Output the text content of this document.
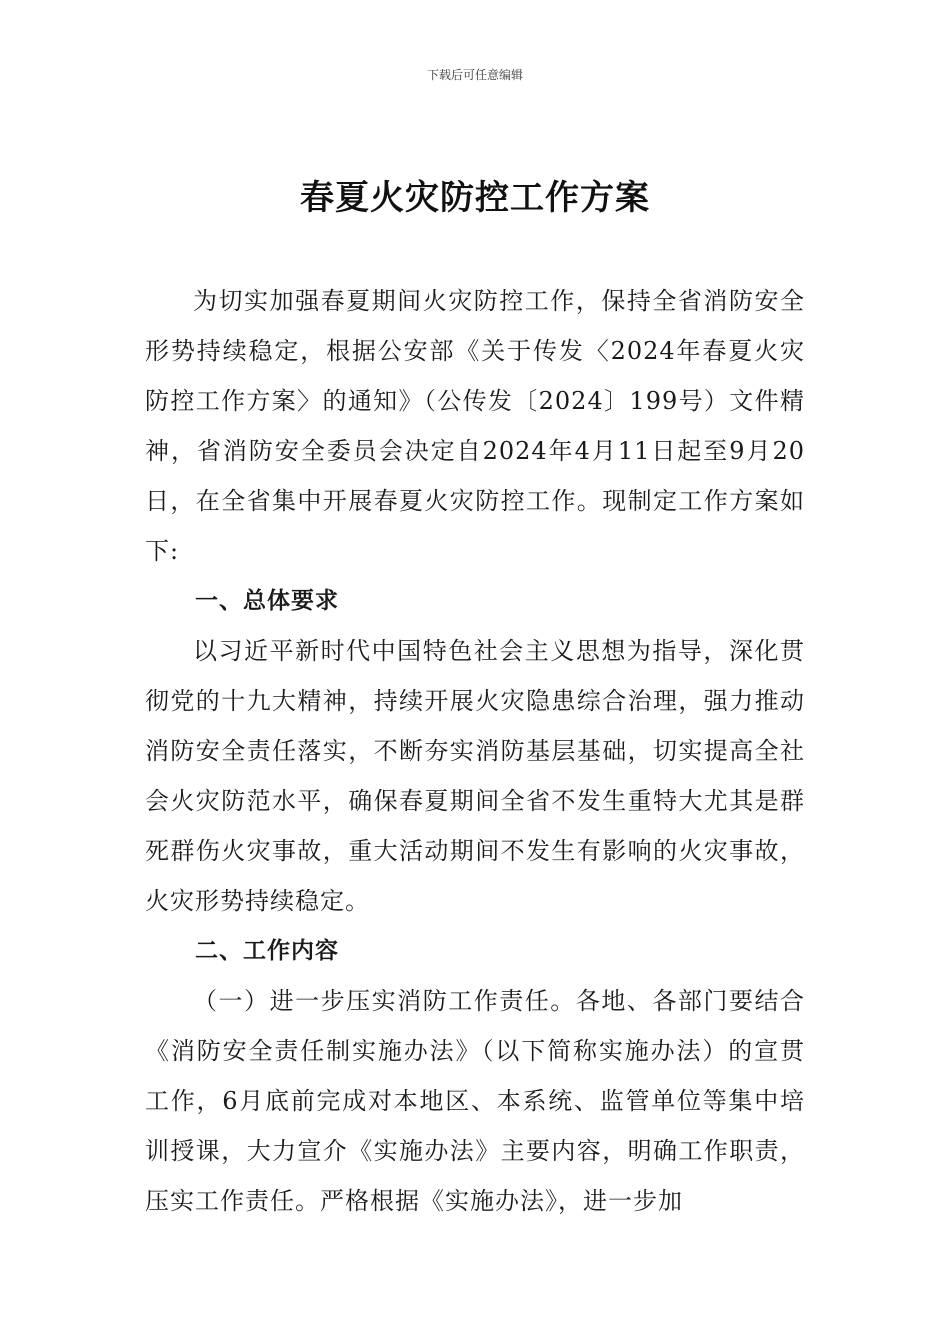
下载后可任意编辑
春夏火灾防控工作方案

为切实加强春夏期间火灾防控工作，保持全省消防安全形势持续稳定，根据公安部《关于传发〈2024年春夏火灾防控工作方案〉的通知》（公传发〔2024〕199号）文件精神，省消防安全委员会决定自2024年4月11日起至9月20日，在全省集中开展春夏火灾防控工作。现制定工作方案如下:

一、总体要求

以习近平新时代中国特色社会主义思想为指导，深化贯彻党的十九大精神，持续开展火灾隐患综合治理，强力推动消防安全责任落实，不断夯实消防基层基础，切实提高全社会火灾防范水平，确保春夏期间全省不发生重特大尤其是群死群伤火灾事故，重大活动期间不发生有影响的火灾事故，火灾形势持续稳定。

二、工作内容

（一）进一步压实消防工作责任。各地、各部门要结合《消防安全责任制实施办法》（以下简称实施办法）的宣贯工作，6月底前完成对本地区、本系统、监管单位等集中培训授课，大力宣介《实施办法》主要内容，明确工作职责，压实工作责任。严格根据《实施办法》，进一步加
